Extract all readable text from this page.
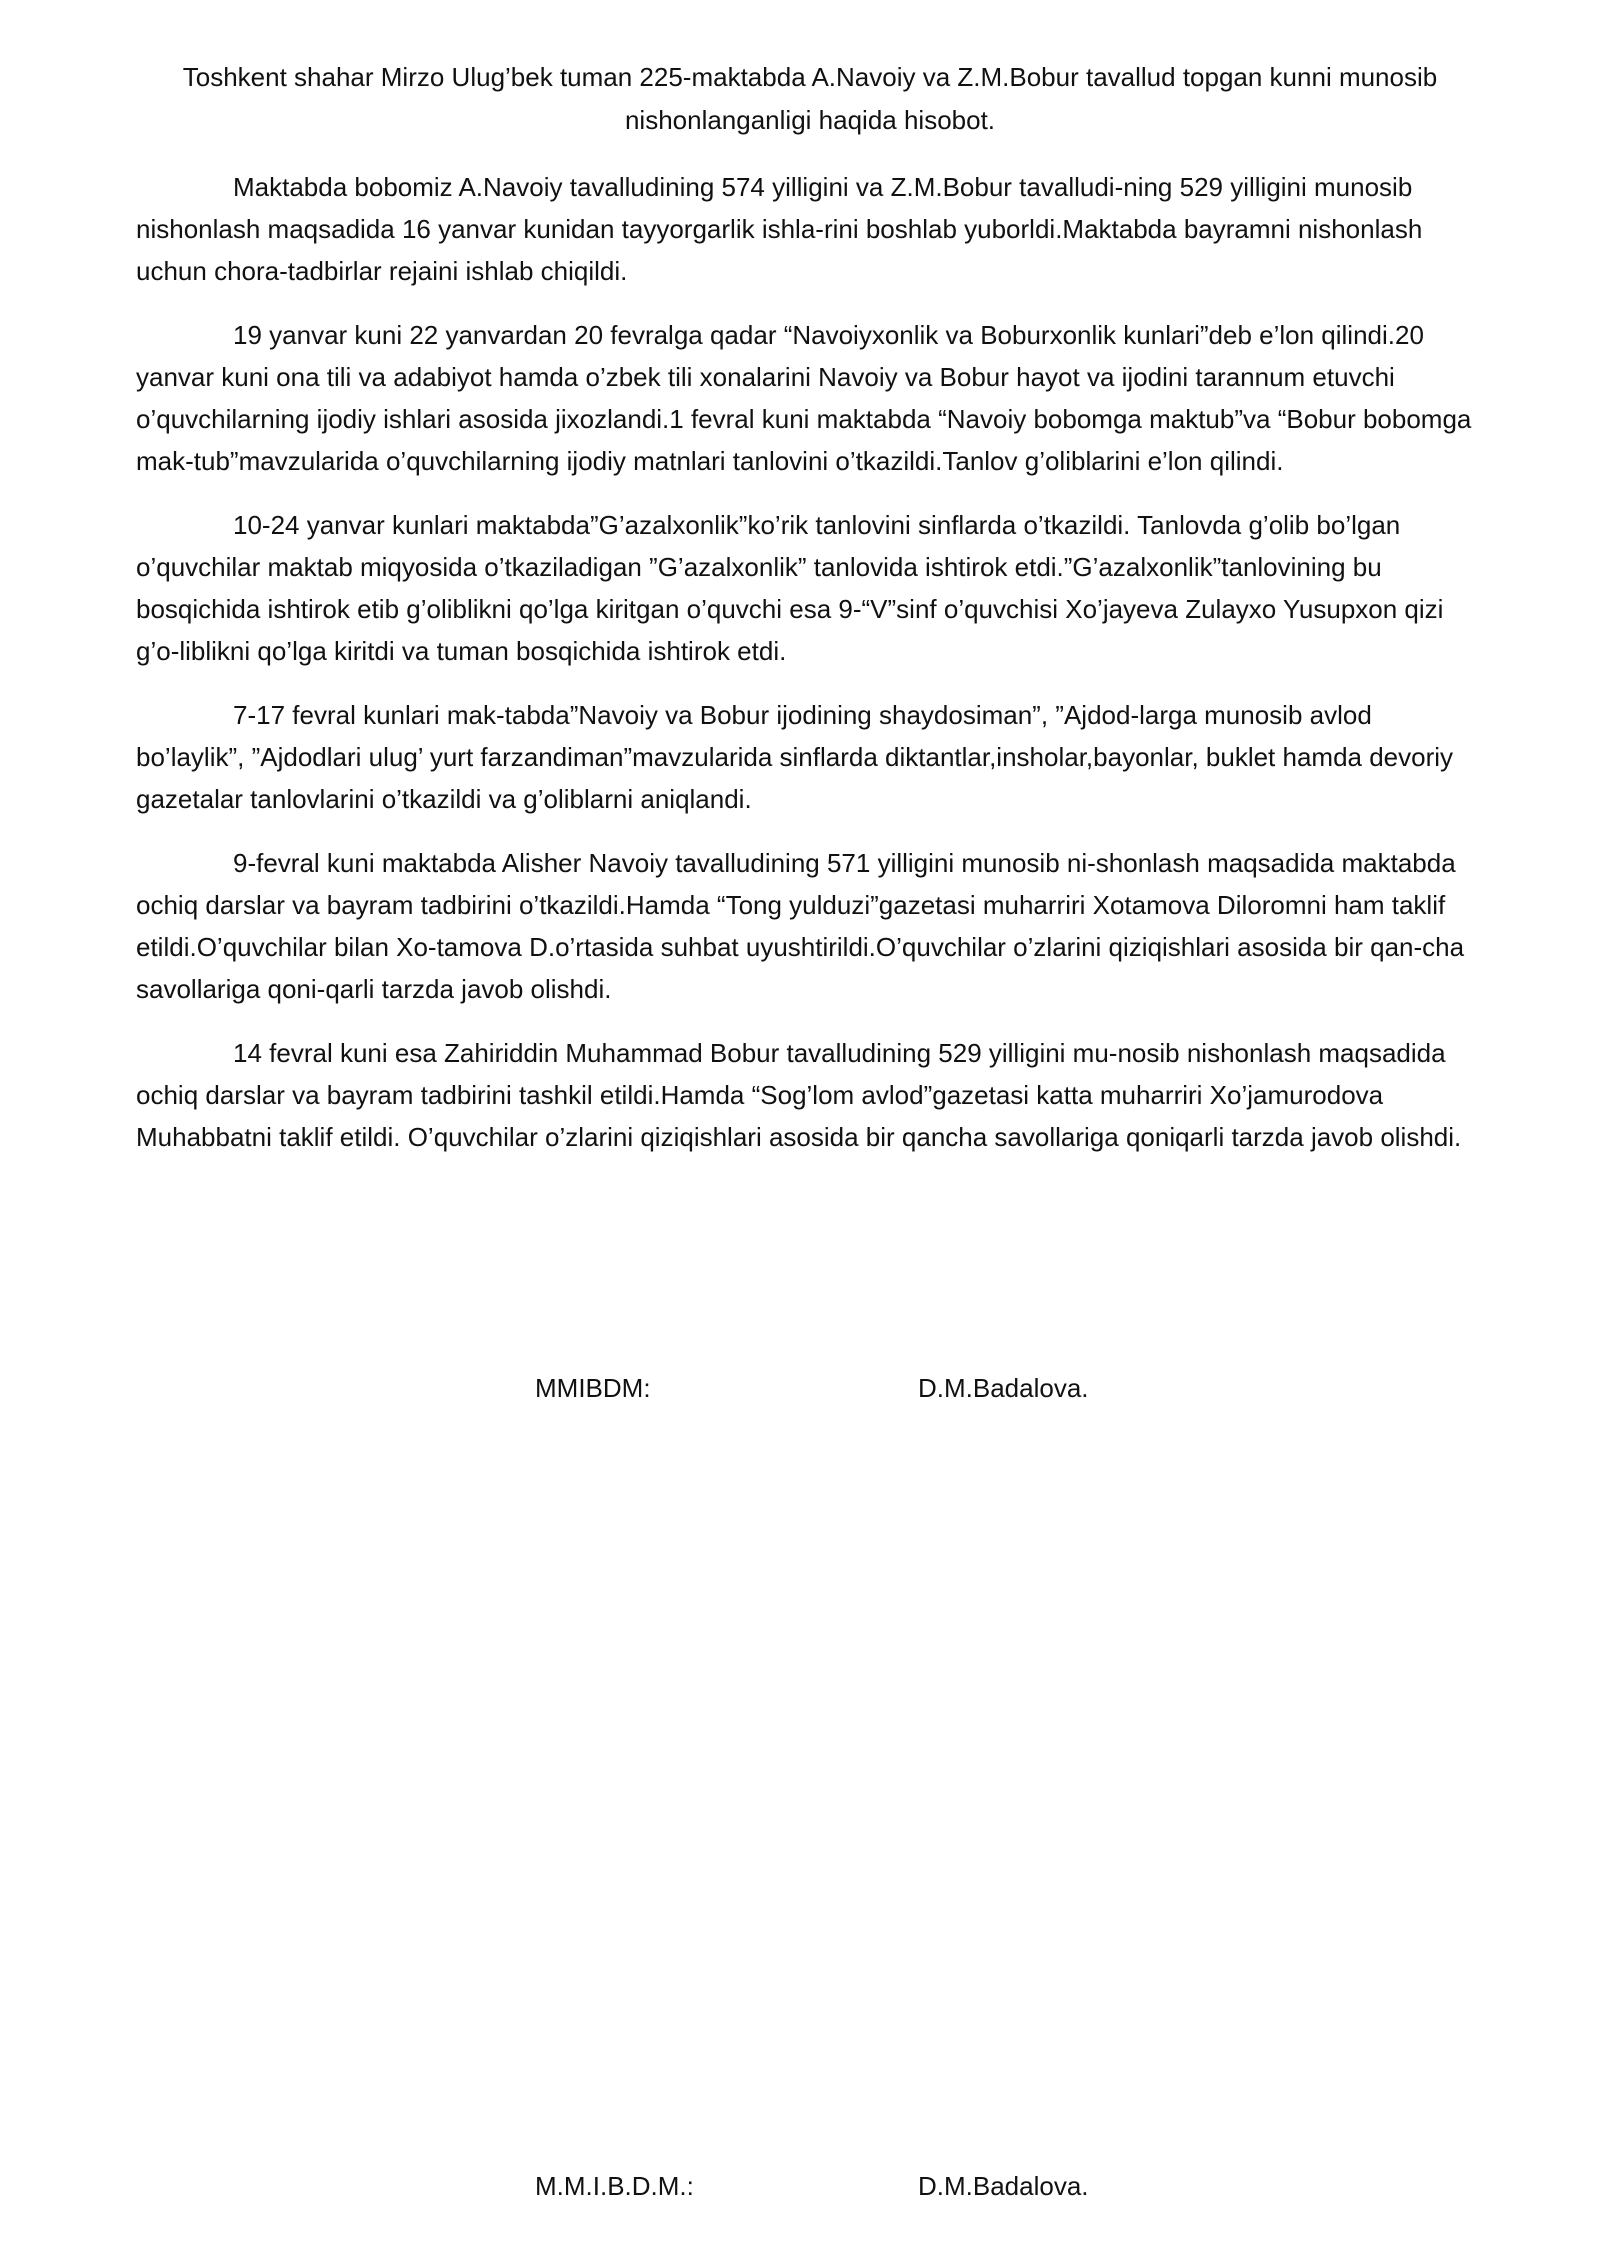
Toshkent shahar Mirzo Ulug’bek tuman 225-maktabda A.Navoiy va Z.M.Bobur tavallud topgan kunni munosib nishonlanganligi haqida hisobot.

Maktabda bobomiz A.Navoiy tavalludining 574 yilligini va Z.M.Bobur tavalludi-ning 529 yilligini munosib nishonlash maqsadida 16 yanvar kunidan tayyorgarlik ishla-rini boshlab yuborldi.Maktabda bayramni nishonlash uchun chora-tadbirlar rejaini ishlab chiqildi.

19 yanvar kuni 22 yanvardan 20 fevralga qadar “Navoiyxonlik va Boburxonlik kunlari”deb e’lon qilindi.20 yanvar kuni ona tili va adabiyot hamda o’zbek tili xonalarini Navoiy va Bobur hayot va ijodini tarannum etuvchi o’quvchilarning ijodiy ishlari asosida jixozlandi.1 fevral kuni maktabda “Navoiy bobomga maktub”va “Bobur bobomga mak-tub”mavzularida o’quvchilarning ijodiy matnlari tanlovini o’tkazildi.Tanlov g’oliblarini e’lon qilindi.

10-24 yanvar kunlari maktabda”G’azalxonlik”ko’rik tanlovini sinflarda o’tkazildi. Tanlovda g’olib bo’lgan o’quvchilar maktab miqyosida o’tkaziladigan ”G’azalxonlik” tanlovida ishtirok etdi.”G’azalxonlik”tanlovining bu bosqichida ishtirok etib g’oliblikni qo’lga kiritgan o’quvchi esa 9-“V”sinf o’quvchisi Xo’jayeva Zulayxo Yusupxon qizi g’o-liblikni qo’lga kiritdi va tuman bosqichida ishtirok etdi.

7-17 fevral kunlari mak-tabda”Navoiy va Bobur ijodining shaydosiman”, ”Ajdod-larga munosib avlod bo’laylik”, ”Ajdodlari ulug’ yurt farzandiman”mavzularida sinflarda diktantlar,insholar,bayonlar, buklet hamda devoriy gazetalar tanlovlarini o’tkazildi va g’oliblarni aniqlandi.

9-fevral kuni maktabda Alisher Navoiy tavalludining 571 yilligini munosib ni-shonlash maqsadida maktabda ochiq darslar va bayram tadbirini o’tkazildi.Hamda “Tong yulduzi”gazetasi muharriri Xotamova Diloromni ham taklif etildi.O’quvchilar bilan Xo-tamova D.o’rtasida suhbat uyushtirildi.O’quvchilar o’zlarini qiziqishlari asosida bir qan-cha savollariga qoni-qarli tarzda javob olishdi.

14 fevral kuni esa Zahiriddin Muhammad Bobur tavalludining 529 yilligini mu-nosib nishonlash maqsadida ochiq darslar va bayram tadbirini tashkil etildi.Hamda “Sog’lom avlod”gazetasi katta muharriri Xo’jamurodova Muhabbatni taklif etildi. O’quvchilar o’zlarini qiziqishlari asosida bir qancha savollariga qoniqarli tarzda javob olishdi.

MMIBDM:	D.M.Badalova.
M.M.I.B.D.M.:	D.M.Badalova.
